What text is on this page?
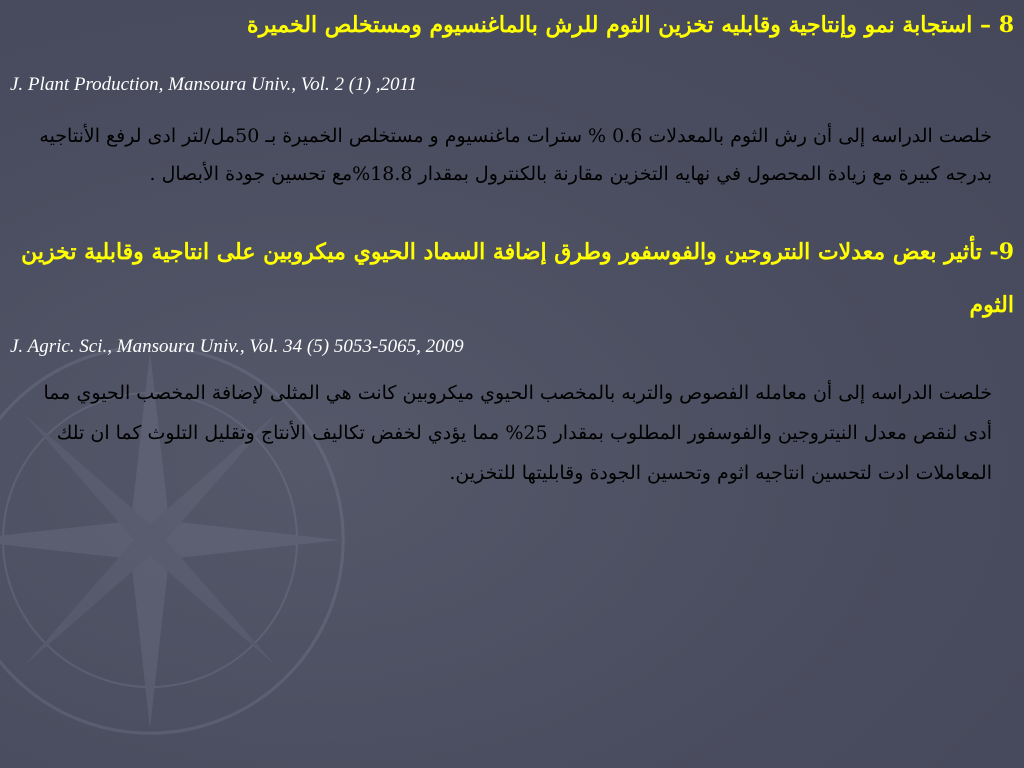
8 – استجابة نمو وإنتاجية وقابليه تخزين الثوم للرش بالماغنسيوم ومستخلص الخميرة

J. Plant Production, Mansoura Univ., Vol. 2 (1) ,2011

خلصت الدراسه إلى أن رش الثوم بالمعدلات 0.6 % سترات ماغنسيوم و مستخلص الخميرة بـ 50مل/لتر ادى لرفع الأنتاجيه بدرجه كبيرة مع زيادة المحصول في نهايه التخزين مقارنة بالكنترول بمقدار 18.8%مع تحسين جودة الأبصال .

9- تأثير بعض معدلات النتروجين والفوسفور وطرق إضافة السماد الحيوي ميكروبين على انتاجية وقابلية تخزين الثوم

J. Agric. Sci., Mansoura Univ., Vol. 34 (5) 5053-5065, 2009

خلصت الدراسه إلى أن معامله الفصوص والتربه بالمخصب الحيوي ميكروبين كانت هي المثلى لإضافة المخصب الحيوي مما أدى لنقص معدل النيتروجين والفوسفور المطلوب بمقدار 25% مما يؤدي لخفض تكاليف الأنتاج وتقليل التلوث كما ان تلك المعاملات ادت لتحسين انتاجيه اثوم وتحسين الجودة وقابليتها للتخزين.
